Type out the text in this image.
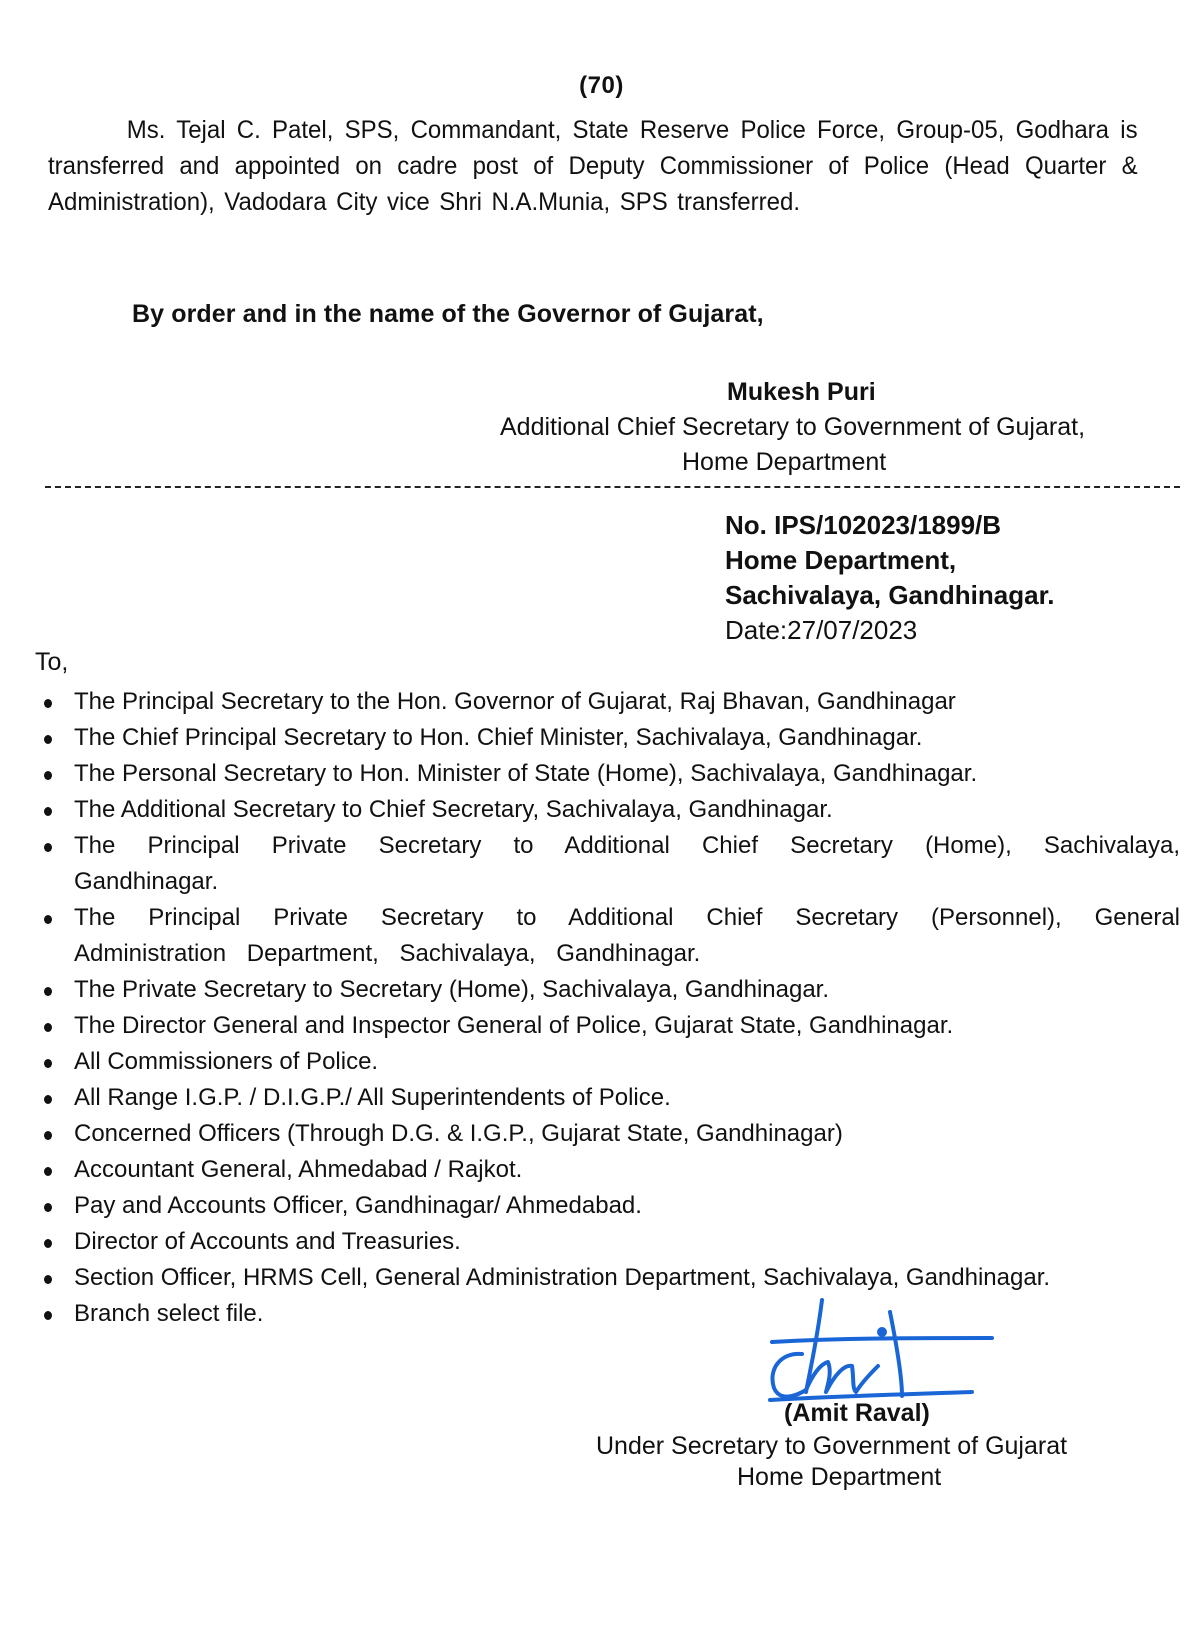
(70)

Ms. Tejal C. Patel, SPS, Commandant, State Reserve Police Force, Group-05, Godhara is transferred and appointed on cadre post of Deputy Commissioner of Police (Head Quarter & Administration), Vadodara City vice Shri N.A.Munia, SPS transferred.

By order and in the name of the Governor of Gujarat,
Mukesh Puri
Additional Chief Secretary to Government of Gujarat,
Home Department
No. IPS/102023/1899/B
Home Department,
Sachivalaya, Gandhinagar.
Date:27/07/2023
To,
The Principal Secretary to the Hon. Governor of Gujarat, Raj Bhavan, Gandhinagar
The Chief Principal Secretary to Hon. Chief Minister, Sachivalaya, Gandhinagar.
The Personal Secretary to Hon. Minister of State (Home), Sachivalaya, Gandhinagar.
The Additional Secretary to Chief Secretary, Sachivalaya, Gandhinagar.
The Principal Private Secretary to Additional Chief Secretary (Home), Sachivalaya, Gandhinagar.
The Principal Private Secretary to Additional Chief Secretary (Personnel), General Administration Department, Sachivalaya, Gandhinagar.
The Private Secretary to Secretary (Home), Sachivalaya, Gandhinagar.
The Director General and Inspector General of Police, Gujarat State, Gandhinagar.
All Commissioners of Police.
All Range I.G.P. / D.I.G.P./ All Superintendents of Police.
Concerned Officers (Through D.G. & I.G.P., Gujarat State, Gandhinagar)
Accountant General, Ahmedabad / Rajkot.
Pay and Accounts Officer, Gandhinagar/ Ahmedabad.
Director of Accounts and Treasuries.
Section Officer, HRMS Cell, General Administration Department, Sachivalaya, Gandhinagar.
Branch select file.
(Amit Raval)
Under Secretary to Government of Gujarat
Home Department
